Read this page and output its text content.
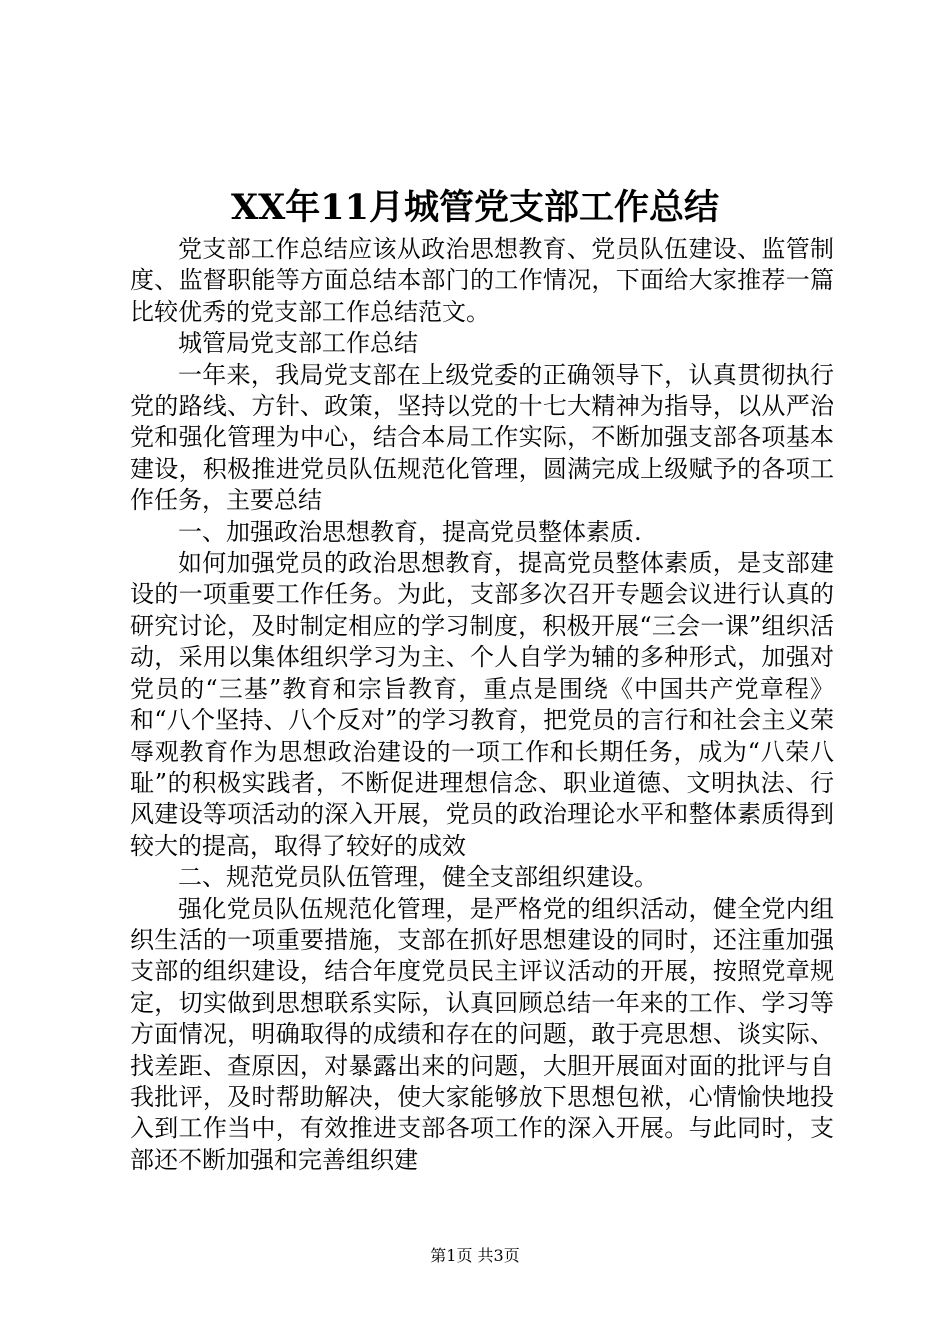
XX年11月城管党支部工作总结

党支部工作总结应该从政治思想教育、党员队伍建设、监管制度、监督职能等方面总结本部门的工作情况，下面给大家推荐一篇比较优秀的党支部工作总结范文。

城管局党支部工作总结

一年来，我局党支部在上级党委的正确领导下，认真贯彻执行党的路线、方针、政策，坚持以党的十七大精神为指导，以从严治党和强化管理为中心，结合本局工作实际，不断加强支部各项基本建设，积极推进党员队伍规范化管理，圆满完成上级赋予的各项工作任务，主要总结

一、加强政治思想教育，提高党员整体素质.

如何加强党员的政治思想教育，提高党员整体素质，是支部建设的一项重要工作任务。为此，支部多次召开专题会议进行认真的研究讨论，及时制定相应的学习制度，积极开展“三会一课”组织活动，采用以集体组织学习为主、个人自学为辅的多种形式，加强对党员的“三基”教育和宗旨教育，重点是围绕《中国共产党章程》和“八个坚持、八个反对”的学习教育，把党员的言行和社会主义荣辱观教育作为思想政治建设的一项工作和长期任务，成为“八荣八耻”的积极实践者，不断促进理想信念、职业道德、文明执法、行风建设等项活动的深入开展，党员的政治理论水平和整体素质得到较大的提高，取得了较好的成效

二、规范党员队伍管理，健全支部组织建设。

强化党员队伍规范化管理，是严格党的组织活动，健全党内组织生活的一项重要措施，支部在抓好思想建设的同时，还注重加强支部的组织建设，结合年度党员民主评议活动的开展，按照党章规定，切实做到思想联系实际，认真回顾总结一年来的工作、学习等方面情况，明确取得的成绩和存在的问题，敢于亮思想、谈实际、找差距、查原因，对暴露出来的问题，大胆开展面对面的批评与自我批评，及时帮助解决，使大家能够放下思想包袱，心情愉快地投入到工作当中，有效推进支部各项工作的深入开展。与此同时，支部还不断加强和完善组织建

第1页 共3页
